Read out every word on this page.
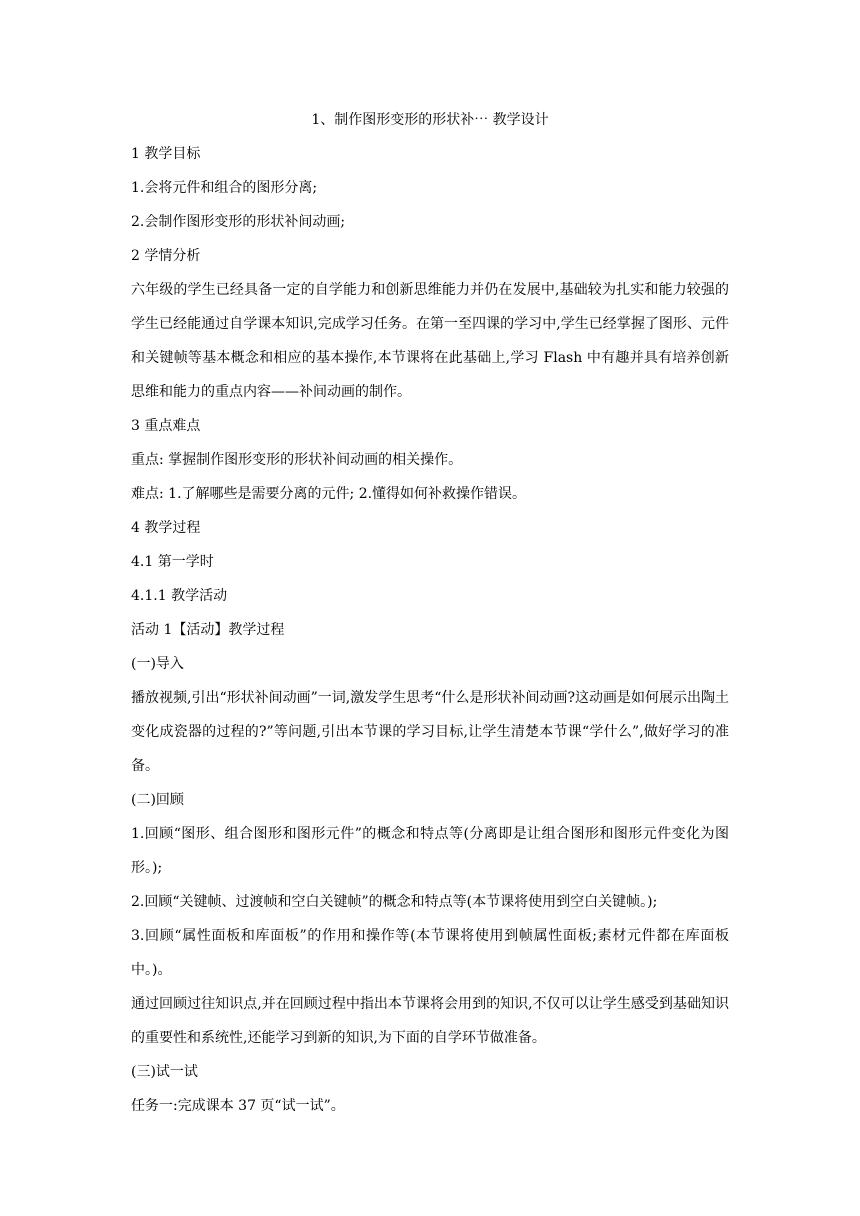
1、制作图形变形的形状补⋯ 教学设计
1 教学目标
1.会将元件和组合的图形分离;
2.会制作图形变形的形状补间动画;
2 学情分析
六年级的学生已经具备一定的自学能力和创新思维能力并仍在发展中,基础较为扎实和能力较强的学生已经能通过自学课本知识,完成学习任务。在第一至四课的学习中,学生已经掌握了图形、元件和关键帧等基本概念和相应的基本操作,本节课将在此基础上,学习 Flash 中有趣并具有培养创新思维和能力的重点内容——补间动画的制作。
3 重点难点
重点: 掌握制作图形变形的形状补间动画的相关操作。
难点: 1.了解哪些是需要分离的元件; 2.懂得如何补救操作错误。
4 教学过程
4.1 第一学时
4.1.1 教学活动
活动 1【活动】教学过程
(一)导入
播放视频,引出“形状补间动画”一词,激发学生思考“什么是形状补间动画?这动画是如何展示出陶土变化成瓷器的过程的?”等问题,引出本节课的学习目标,让学生清楚本节课“学什么”,做好学习的准备。
(二)回顾
1.回顾“图形、组合图形和图形元件”的概念和特点等(分离即是让组合图形和图形元件变化为图形。);
2.回顾“关键帧、过渡帧和空白关键帧”的概念和特点等(本节课将使用到空白关键帧。);
3.回顾“属性面板和库面板”的作用和操作等(本节课将使用到帧属性面板;素材元件都在库面板中。)。
通过回顾过往知识点,并在回顾过程中指出本节课将会用到的知识,不仅可以让学生感受到基础知识的重要性和系统性,还能学习到新的知识,为下面的自学环节做准备。
(三)试一试
任务一:完成课本 37 页“试一试”。
